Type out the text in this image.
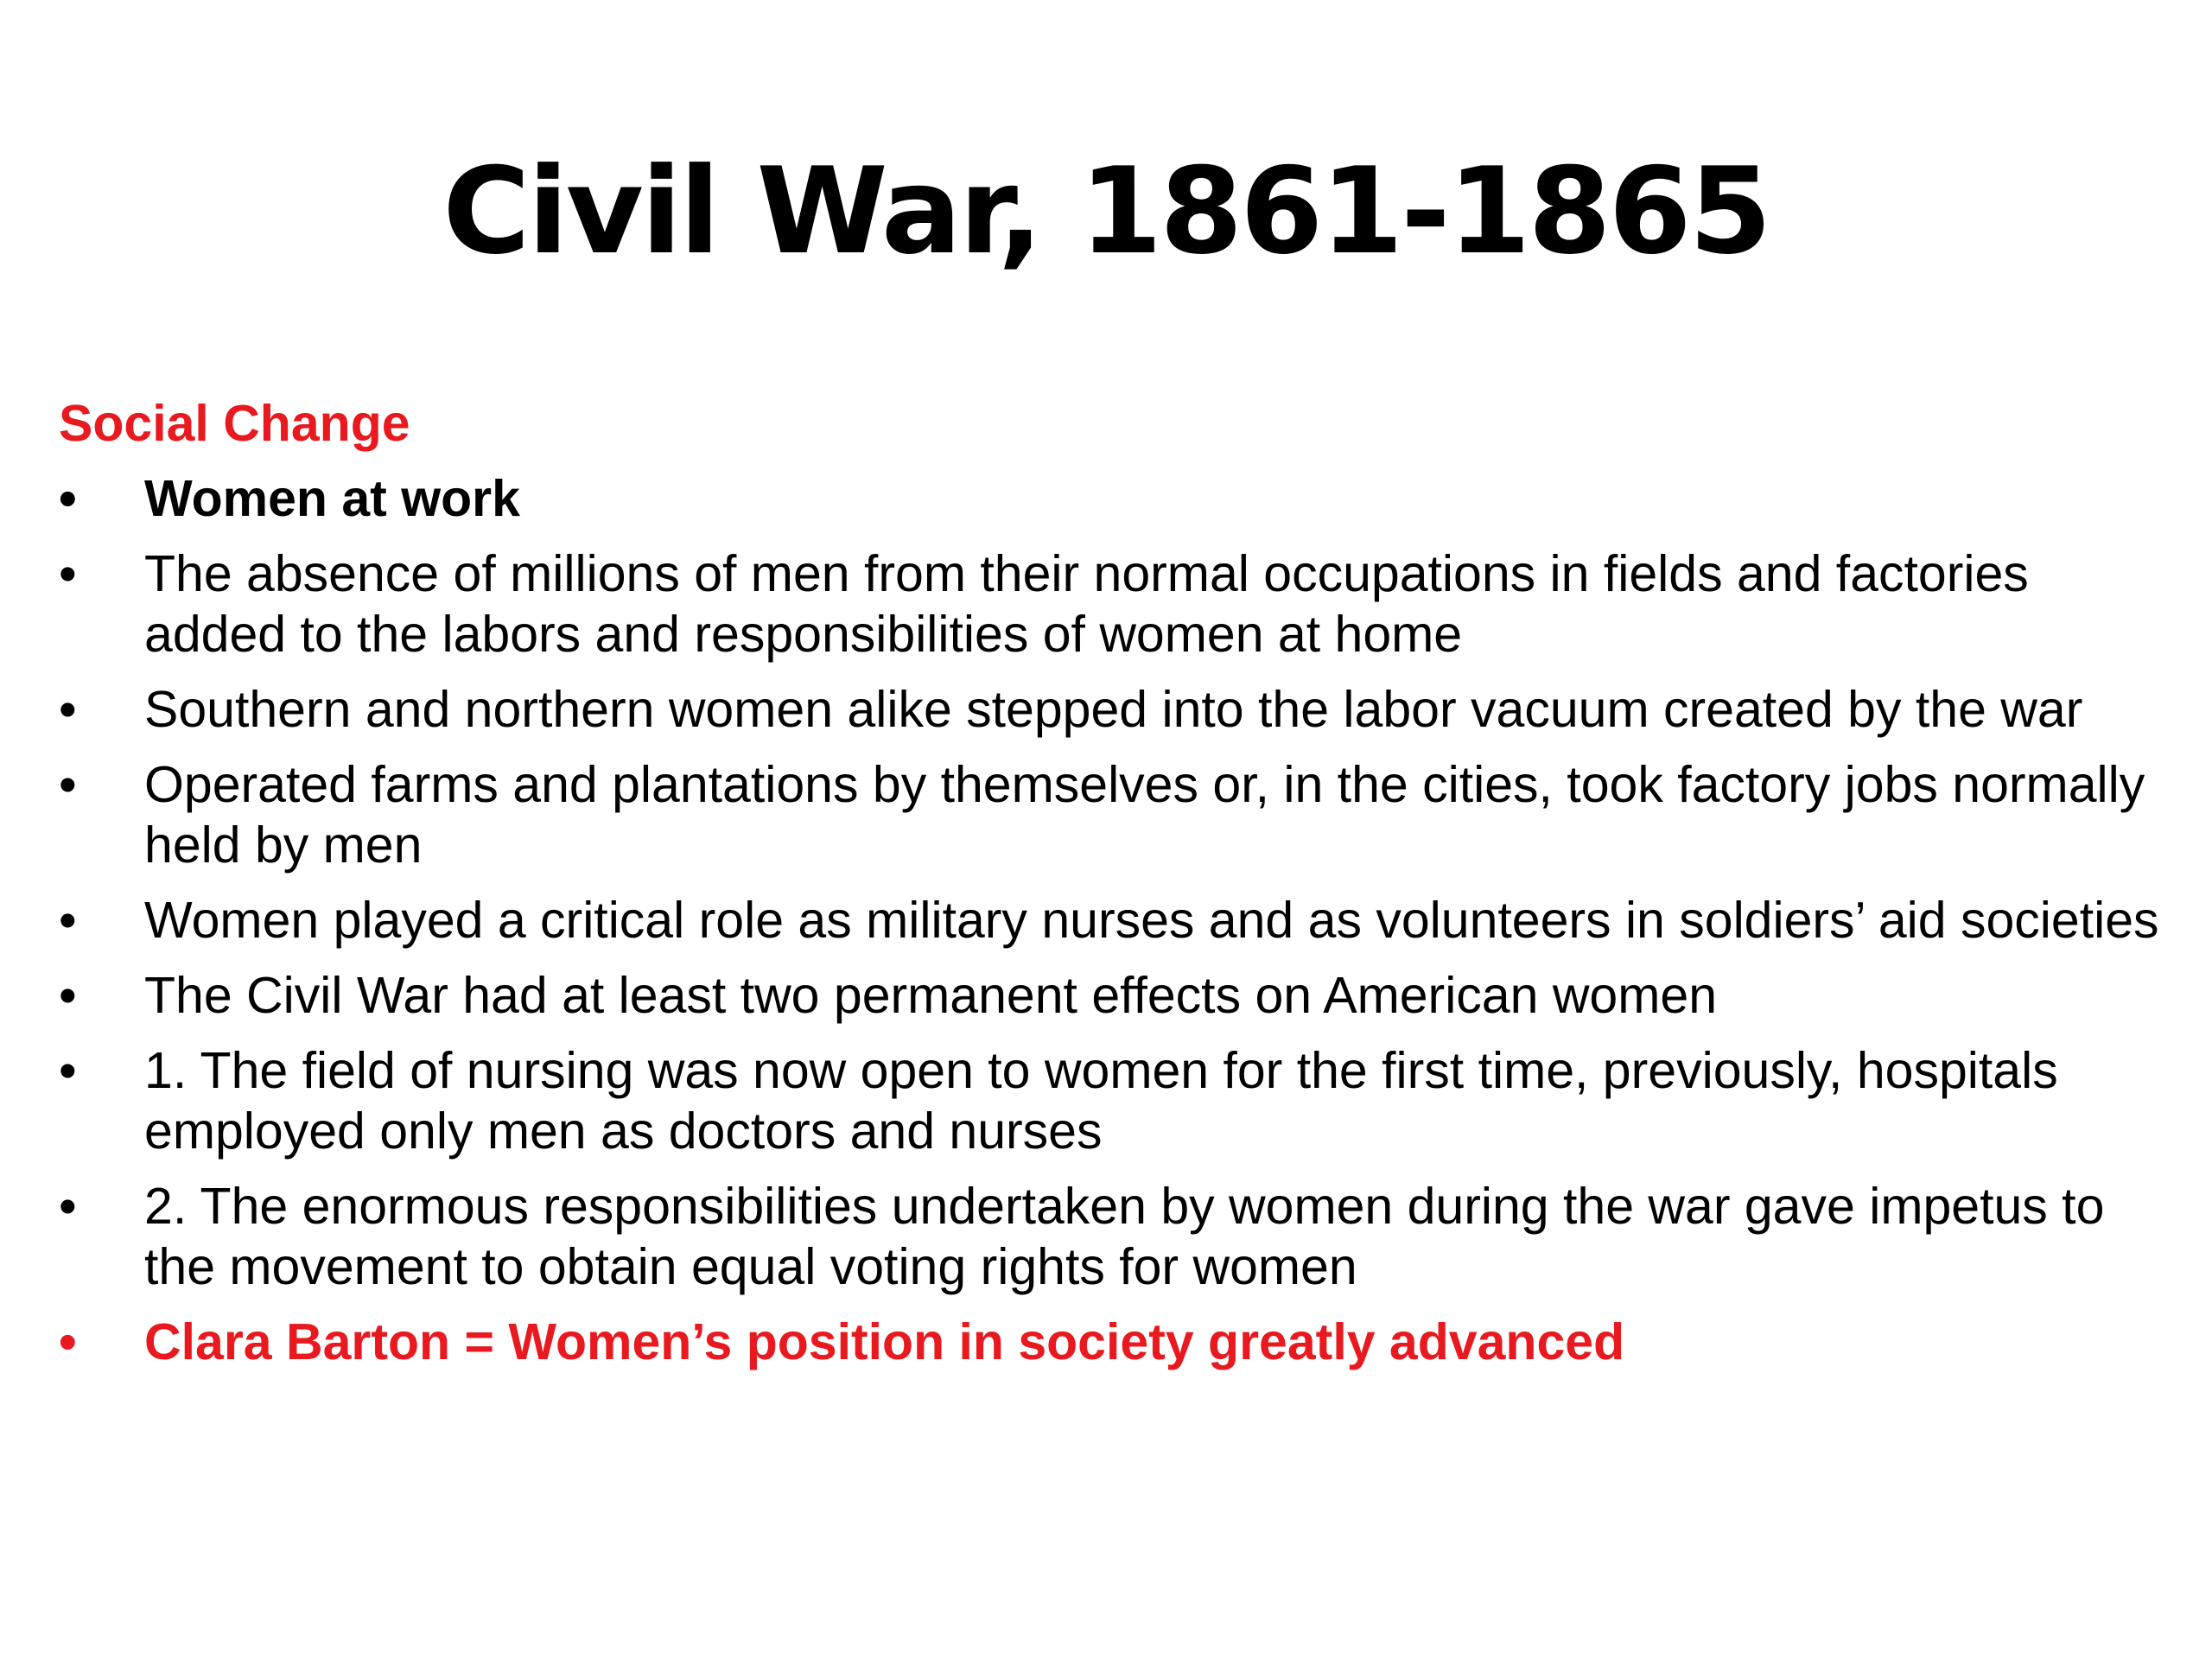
Civil War, 1861-1865
Social Change
•	Women at work
•	The absence of millions of men from their normal occupations in fields and factories added to the labors and responsibilities of women at home
•	Southern and northern women alike stepped into the labor vacuum created by the war
•	Operated farms and plantations by themselves or, in the cities, took factory jobs normally held by men
•	Women played a critical role as military nurses and as volunteers in soldiers’ aid societies
•	The Civil War had at least two permanent effects on American women
•	1. The field of nursing was now open to women for the first time, previously, hospitals employed only men as doctors and nurses
•	2. The enormous responsibilities undertaken by women during the war gave impetus to the movement to obtain equal voting rights for women
•	Clara Barton = Women’s position in society greatly advanced
